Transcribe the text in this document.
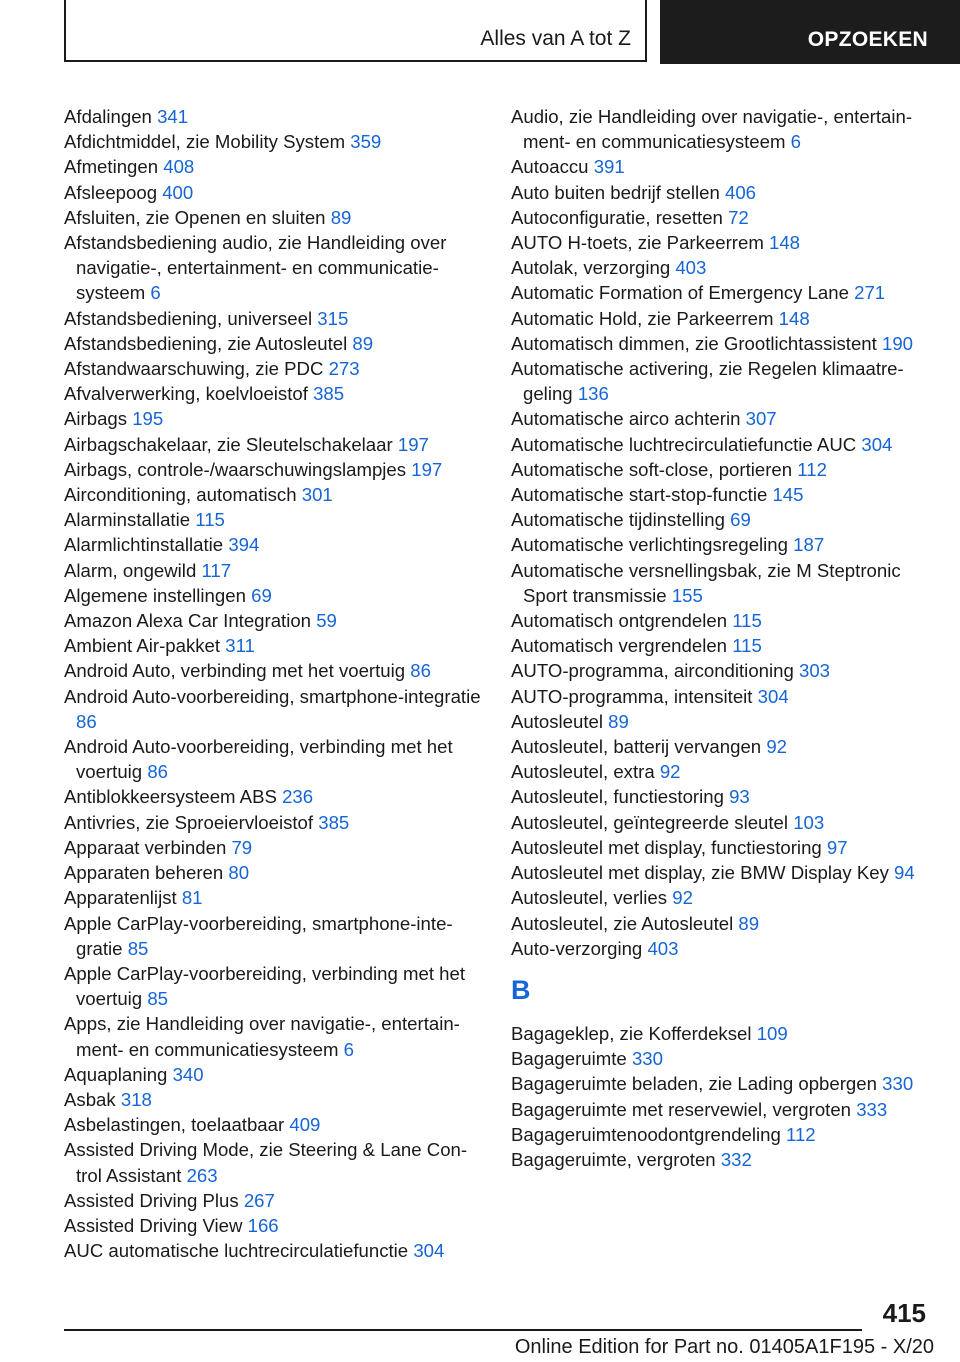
Alles van A tot Z	OPZOEKEN
Afdalingen 341
Afdichtmiddel, zie Mobility System 359
Afmetingen 408
Afsleepoog 400
Afsluiten, zie Openen en sluiten 89
Afstandsbediening audio, zie Handleiding over navigatie-, entertainment- en communicatiesysteem 6
Afstandsbediening, universeel 315
Afstandsbediening, zie Autosleutel 89
Afstandwaarschuwing, zie PDC 273
Afvalverwerking, koelvloeistof 385
Airbags 195
Airbagschakelaar, zie Sleutelschakelaar 197
Airbags, controle-/waarschuwingslampjes 197
Airconditioning, automatisch 301
Alarminstallatie 115
Alarmlichtinstallatie 394
Alarm, ongewild 117
Algemene instellingen 69
Amazon Alexa Car Integration 59
Ambient Air-pakket 311
Android Auto, verbinding met het voertuig 86
Android Auto-voorbereiding, smartphone-integratie 86
Android Auto-voorbereiding, verbinding met het voertuig 86
Antiblokkeersysteem ABS 236
Antivries, zie Sproeiervloeistof 385
Apparaat verbinden 79
Apparaten beheren 80
Apparatenlijst 81
Apple CarPlay-voorbereiding, smartphone-integratie 85
Apple CarPlay-voorbereiding, verbinding met het voertuig 85
Apps, zie Handleiding over navigatie-, entertainment- en communicatiesysteem 6
Aquaplaning 340
Asbak 318
Asbelastingen, toelaatbaar 409
Assisted Driving Mode, zie Steering & Lane Control Assistant 263
Assisted Driving Plus 267
Assisted Driving View 166
AUC automatische luchtrecirculatiefunctie 304
Audio, zie Handleiding over navigatie-, entertainment- en communicatiesysteem 6
Autoaccu 391
Auto buiten bedrijf stellen 406
Autoconfiguratie, resetten 72
AUTO H-toets, zie Parkeerrem 148
Autolak, verzorging 403
Automatic Formation of Emergency Lane 271
Automatic Hold, zie Parkeerrem 148
Automatisch dimmen, zie Grootlichtassistent 190
Automatische activering, zie Regelen klimaatregeling 136
Automatische airco achterin 307
Automatische luchtrecirculatiefunctie AUC 304
Automatische soft-close, portieren 112
Automatische start-stop-functie 145
Automatische tijdinstelling 69
Automatische verlichtingsregeling 187
Automatische versnellingsbak, zie M Steptronic Sport transmissie 155
Automatisch ontgrendelen 115
Automatisch vergrendelen 115
AUTO-programma, airconditioning 303
AUTO-programma, intensiteit 304
Autosleutel 89
Autosleutel, batterij vervangen 92
Autosleutel, extra 92
Autosleutel, functiestoring 93
Autosleutel, geïntegreerde sleutel 103
Autosleutel met display, functiestoring 97
Autosleutel met display, zie BMW Display Key 94
Autosleutel, verlies 92
Autosleutel, zie Autosleutel 89
Auto-verzorging 403
B
Bagageklep, zie Kofferdeksel 109
Bagageruimte 330
Bagageruimte beladen, zie Lading opbergen 330
Bagageruimte met reservewiel, vergroten 333
Bagageruimtenoodontgrendeling 112
Bagageruimte, vergroten 332
415
Online Edition for Part no. 01405A1F195 - X/20
